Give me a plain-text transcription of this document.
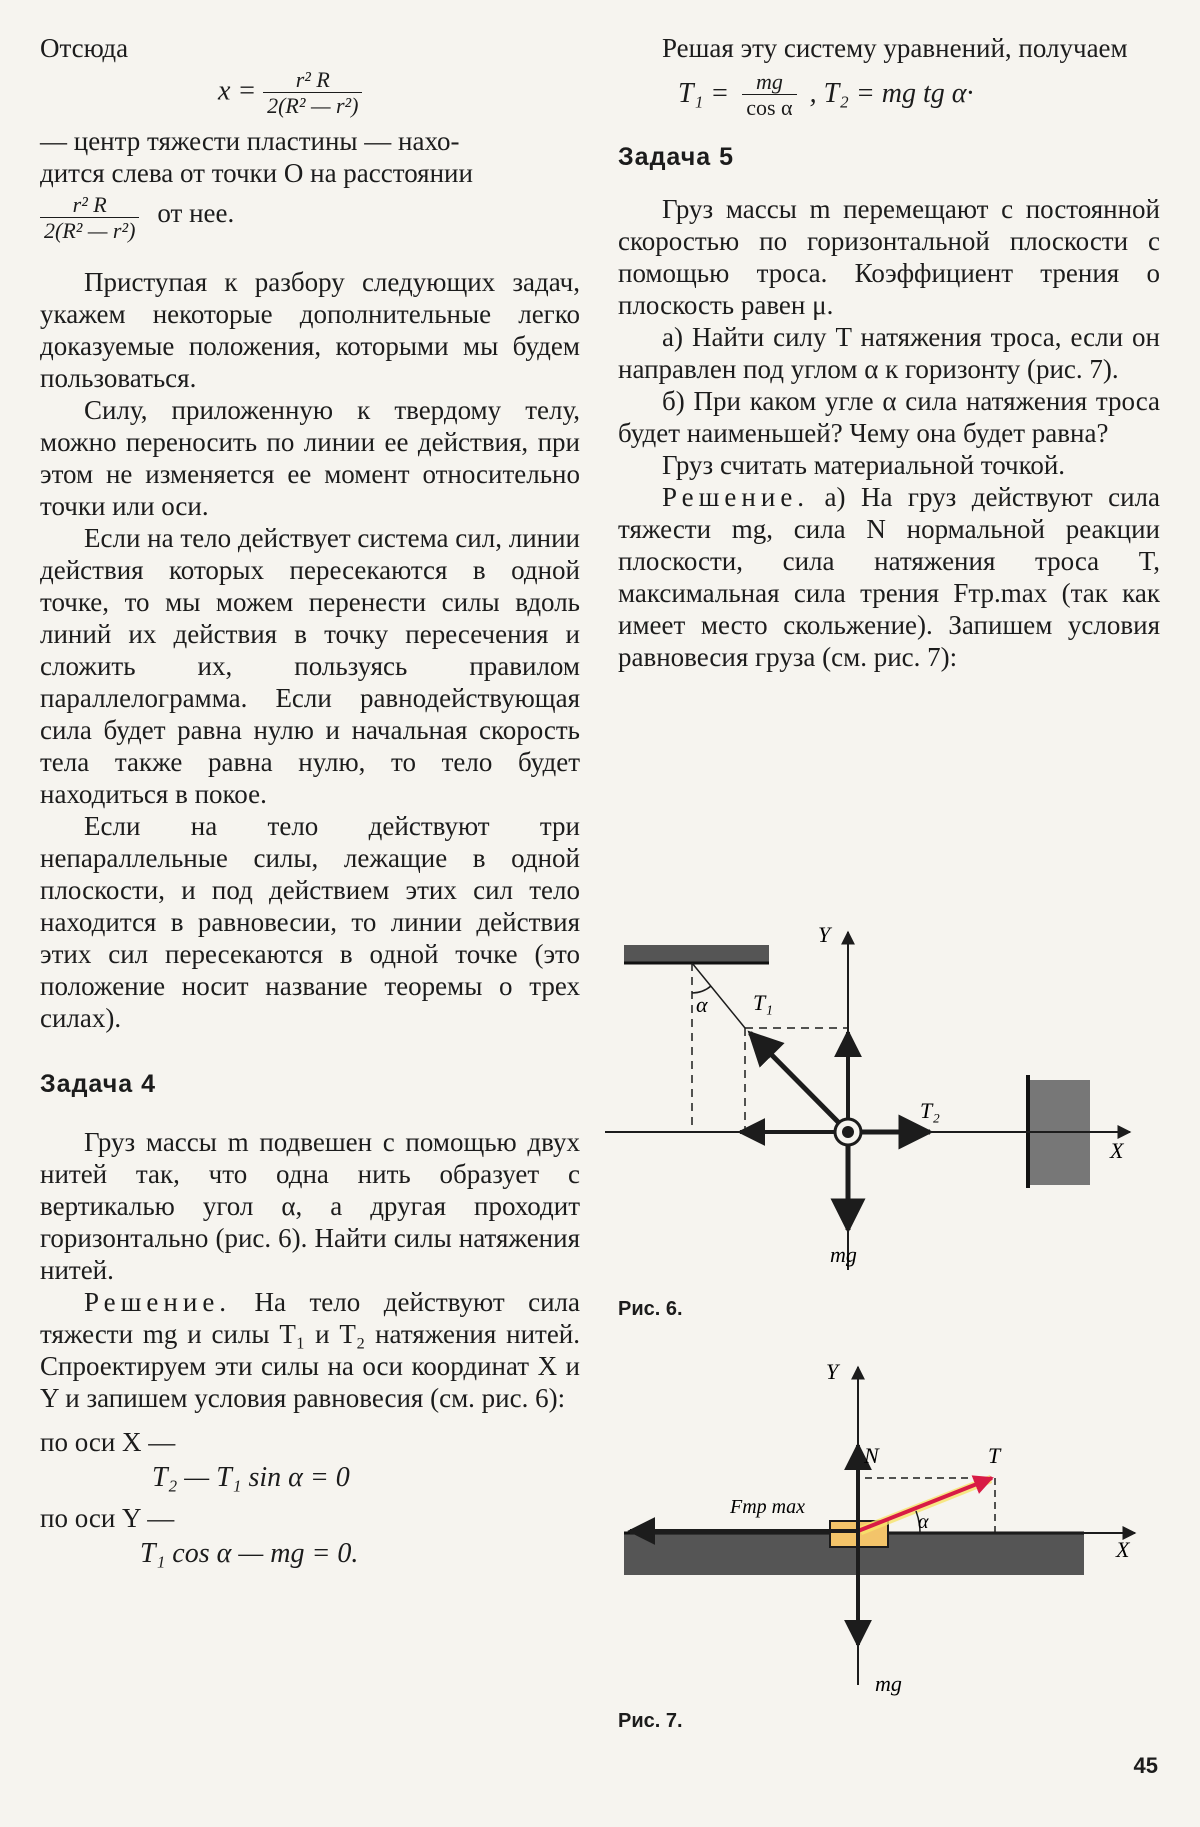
Отсюда

$x = \frac{\text{r² R}}{\text{2(R² — r²)}}$

— центр тяжести пластины — нахо-

дится слева от точки O на расстоянии

$\frac{\text{r² R}}{\text{2(R² — r²)}}$ от нее.

Приступая к разбору следующих задач, укажем некоторые дополнительные легко доказуемые положения, которыми мы будем пользоваться.

Силу, приложенную к твердому телу, можно переносить по линии ее действия, при этом не изменяется ее момент относительно точки или оси.

Если на тело действует система сил, линии действия которых пересекаются в одной точке, то мы можем перенести силы вдоль линий их действия в точку пересечения и сложить их, пользуясь правилом параллелограмма. Если равнодействующая сила будет равна нулю и начальная скорость тела также равна нулю, то тело будет находиться в покое.

Если на тело действуют три непараллельные силы, лежащие в одной плоскости, и под действием этих сил тело находится в равновесии, то линии действия этих сил пересекаются в одной точке (это положение носит название теоремы о трех силах).

Задача 4

Груз массы m подвешен с помощью двух нитей так, что одна нить образует с вертикалью угол α, а другая проходит горизонтально (рис. 6). Найти силы натяжения нитей.

Решение. На тело действуют сила тяжести mg и силы T₁ и T₂ натяжения нитей. Спроектируем эти силы на оси координат X и Y и запишем условия равновесия (см. рис. 6):

по оси X —

T₂ — T₁ sin α = 0

по оси Y —

T₁ cos α — mg = 0.

Решая эту систему уравнений, получаем

$T_1 = \frac{mg}{\text{cos α}}$ , T₂ = mg tg α·

Задача 5

Груз массы m перемещают с постоянной скоростью по горизонтальной плоскости с помощью троса. Коэффициент трения о плоскость равен μ.

а) Найти силу T натяжения троса, если он направлен под углом α к горизонту (рис. 7).

б) При каком угле α сила натяжения троса будет наименьшей? Чему она будет равна?

Груз считать материальной точкой.

Решение. а) На груз действуют сила тяжести mg, сила N нормальной реакции плоскости, сила натяжения троса T, максимальная сила трения Fтр.max (так как имеет место скольжение). Запишем условия равновесия груза (см. рис. 7):

Y
X
α T₁
T₂
mg
Рис. 6.
Y
X
N	T
Fтр max
α
mg
Рис. 7.
45
